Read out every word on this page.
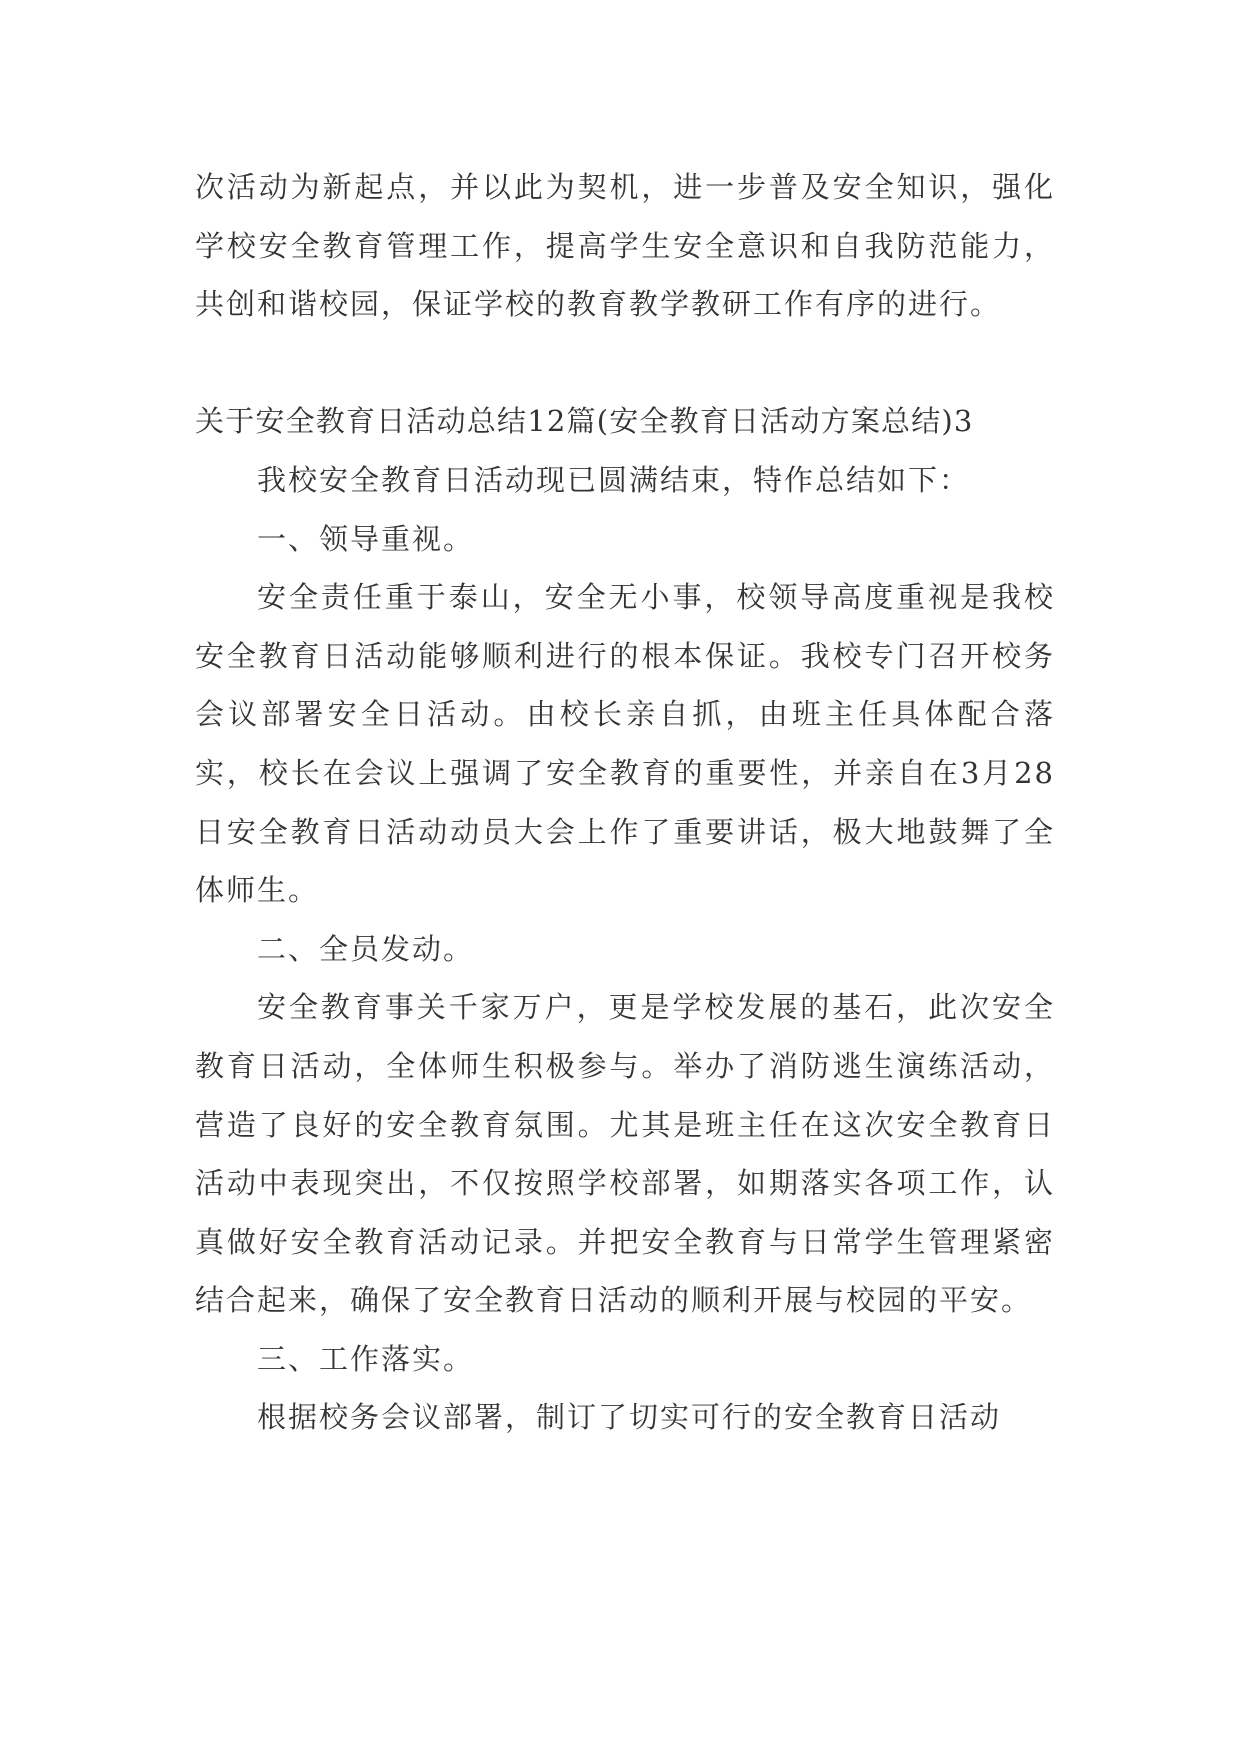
次活动为新起点，并以此为契机，进一步普及安全知识，强化学校安全教育管理工作，提高学生安全意识和自我防范能力，共创和谐校园，保证学校的教育教学教研工作有序的进行。

关于安全教育日活动总结12篇(安全教育日活动方案总结)3

我校安全教育日活动现已圆满结束，特作总结如下：

一、领导重视。

安全责任重于泰山，安全无小事，校领导高度重视是我校安全教育日活动能够顺利进行的根本保证。我校专门召开校务会议部署安全日活动。由校长亲自抓，由班主任具体配合落实，校长在会议上强调了安全教育的重要性，并亲自在3月28日安全教育日活动动员大会上作了重要讲话，极大地鼓舞了全体师生。

二、全员发动。

安全教育事关千家万户，更是学校发展的基石，此次安全教育日活动，全体师生积极参与。举办了消防逃生演练活动，营造了良好的安全教育氛围。尤其是班主任在这次安全教育日活动中表现突出，不仅按照学校部署，如期落实各项工作，认真做好安全教育活动记录。并把安全教育与日常学生管理紧密结合起来，确保了安全教育日活动的顺利开展与校园的平安。

三、工作落实。

根据校务会议部署，制订了切实可行的安全教育日活动
